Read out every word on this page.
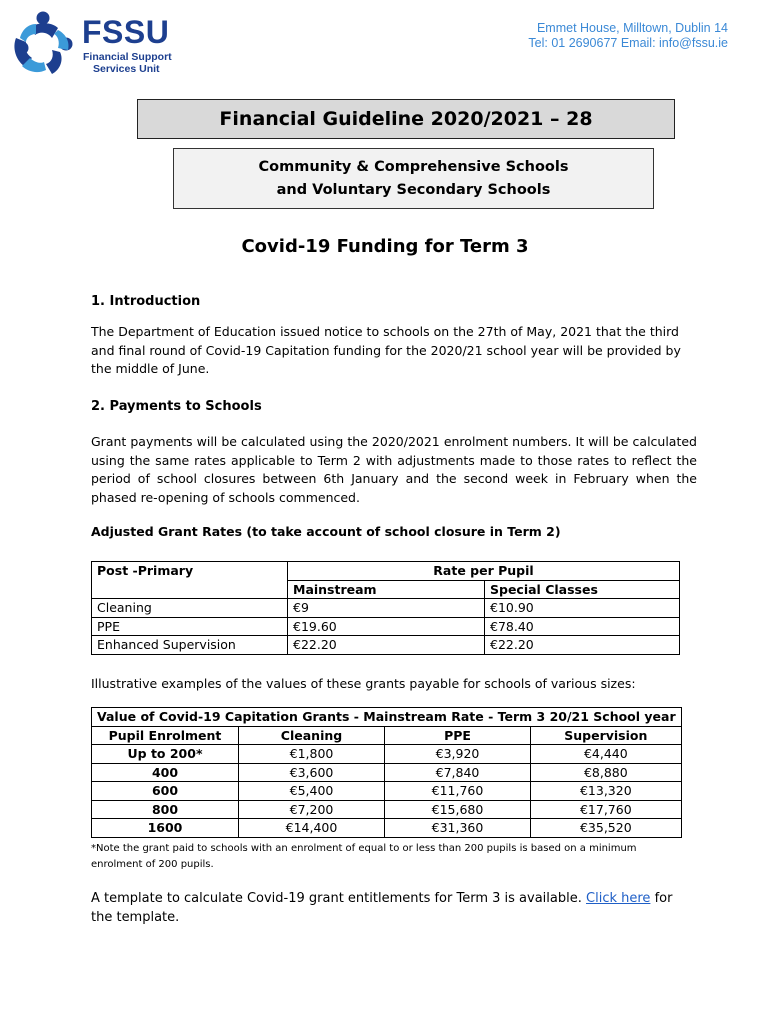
FSSU
Financial Support
Services Unit
Emmet House, Milltown, Dublin 14
Tel: 01 2690677 Email: info@fssu.ie
Financial Guideline 2020/2021 – 28
Community & Comprehensive Schools
and Voluntary Secondary Schools
Covid-19 Funding for Term 3
1. Introduction
The Department of Education issued notice to schools on the 27th of May, 2021 that the third and final round of Covid-19 Capitation funding for the 2020/21 school year will be provided by the middle of June.
2. Payments to Schools
Grant payments will be calculated using the 2020/2021 enrolment numbers. It will be calculated using the same rates applicable to Term 2 with adjustments made to those rates to reflect the period of school closures between 6th January and the second week in February when the phased re-opening of schools commenced.
Adjusted Grant Rates (to take account of school closure in Term 2)
Post -Primary	Rate per Pupil	
	Mainstream	Special Classes
Cleaning	€9	€10.90
PPE	€19.60	€78.40
Enhanced Supervision	€22.20	€22.20
Illustrative examples of the values of these grants payable for schools of various sizes:
Value of Covid-19 Capitation Grants - Mainstream Rate - Term 3 20/21 School year			
Pupil Enrolment	Cleaning	PPE	Supervision
Up to 200*	€1,800	€3,920	€4,440
400	€3,600	€7,840	€8,880
600	€5,400	€11,760	€13,320
800	€7,200	€15,680	€17,760
1600	€14,400	€31,360	€35,520
*Note the grant paid to schools with an enrolment of equal to or less than 200 pupils is based on a minimum enrolment of 200 pupils.
A template to calculate Covid-19 grant entitlements for Term 3 is available. Click here for the template.
